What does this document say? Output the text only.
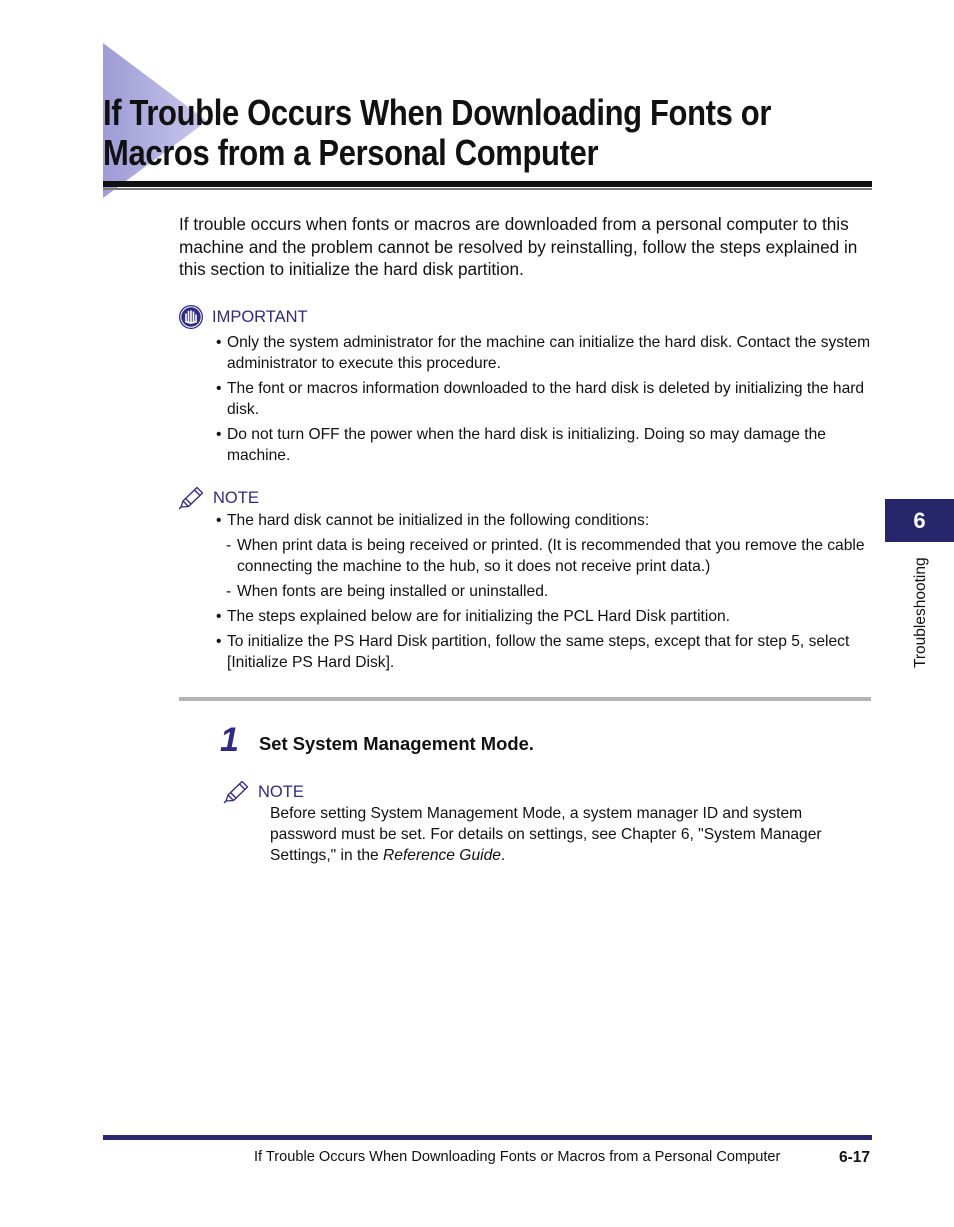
If Trouble Occurs When Downloading Fonts or
Macros from a Personal Computer

If trouble occurs when fonts or macros are downloaded from a personal computer to this machine and the problem cannot be resolved by reinstalling, follow the steps explained in this section to initialize the hard disk partition.

IMPORTANT
• Only the system administrator for the machine can initialize the hard disk. Contact the system administrator to execute this procedure.
• The font or macros information downloaded to the hard disk is deleted by initializing the hard disk.
• Do not turn OFF the power when the hard disk is initializing. Doing so may damage the machine.
NOTE
• The hard disk cannot be initialized in the following conditions:
- When print data is being received or printed. (It is recommended that you remove the cable connecting the machine to the hub, so it does not receive print data.)
- When fonts are being installed or uninstalled.
• The steps explained below are for initializing the PCL Hard Disk partition.
• To initialize the PS Hard Disk partition, follow the same steps, except that for step 5, select [Initialize PS Hard Disk].
1 Set System Management Mode.
NOTE

Before setting System Management Mode, a system manager ID and system password must be set. For details on settings, see Chapter 6, "System Manager Settings," in the Reference Guide.

6
Troubleshooting
If Trouble Occurs When Downloading Fonts or Macros from a Personal Computer	6-17
